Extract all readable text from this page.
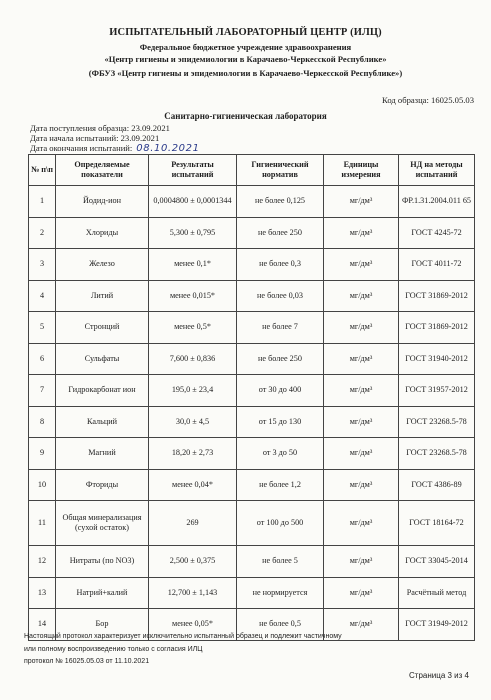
ИСПЫТАТЕЛЬНЫЙ ЛАБОРАТОРНЫЙ ЦЕНТР (ИЛЦ)
Федеральное бюджетное учреждение здравоохранения
«Центр гигиены и эпидемиологии в Карачаево-Черкесской Республике»
(ФБУЗ «Центр гигиены и эпидемиологии в Карачаево-Черкесской Республике»)
Код образца: 16025.05.03
Санитарно-гигиеническая лаборатория
Дата поступления образца: 23.09.2021
Дата начала испытаний: 23.09.2021
Дата окончания испытаний: 08.10.2021
№ п\п	Определяемые показатели	Результаты испытаний	Гигиенический норматив	Единицы измерения	НД на методы испытаний
1	Йодид-ион	0,0004800 ± 0,0001344	не более 0,125	мг/дм³	ФР.1.31.2004.011 65
2	Хлориды	5,300 ± 0,795	не более 250	мг/дм³	ГОСТ 4245-72
3	Железо	менее 0,1*	не более 0,3	мг/дм³	ГОСТ 4011-72
4	Литий	менее 0,015*	не более 0,03	мг/дм³	ГОСТ 31869-2012
5	Стронций	менее 0,5*	не более 7	мг/дм³	ГОСТ 31869-2012
6	Сульфаты	7,600 ± 0,836	не более 250	мг/дм³	ГОСТ 31940-2012
7	Гидрокарбонат ион	195,0 ± 23,4	от 30 до 400	мг/дм³	ГОСТ 31957-2012
8	Кальций	30,0 ± 4,5	от 15 до 130	мг/дм³	ГОСТ 23268.5-78
9	Магний	18,20 ± 2,73	от 3 до 50	мг/дм³	ГОСТ 23268.5-78
10	Фториды	менее 0,04*	не более 1,2	мг/дм³	ГОСТ 4386-89
11	Общая минерализация (сухой остаток)	269	от 100 до 500	мг/дм³	ГОСТ 18164-72
12	Нитраты (по NO3)	2,500 ± 0,375	не более 5	мг/дм³	ГОСТ 33045-2014
13	Натрий+калий	12,700 ± 1,143	не нормируется	мг/дм³	Расчётный метод
14	Бор	менее 0,05*	не более 0,5	мг/дм³	ГОСТ 31949-2012
Настоящий протокол характеризует исключительно испытанный образец и подлежит частичному
или полному воспроизведению только с согласия ИЛЦ
протокол № 16025.05.03 от 11.10.2021
Страница 3 из 4
